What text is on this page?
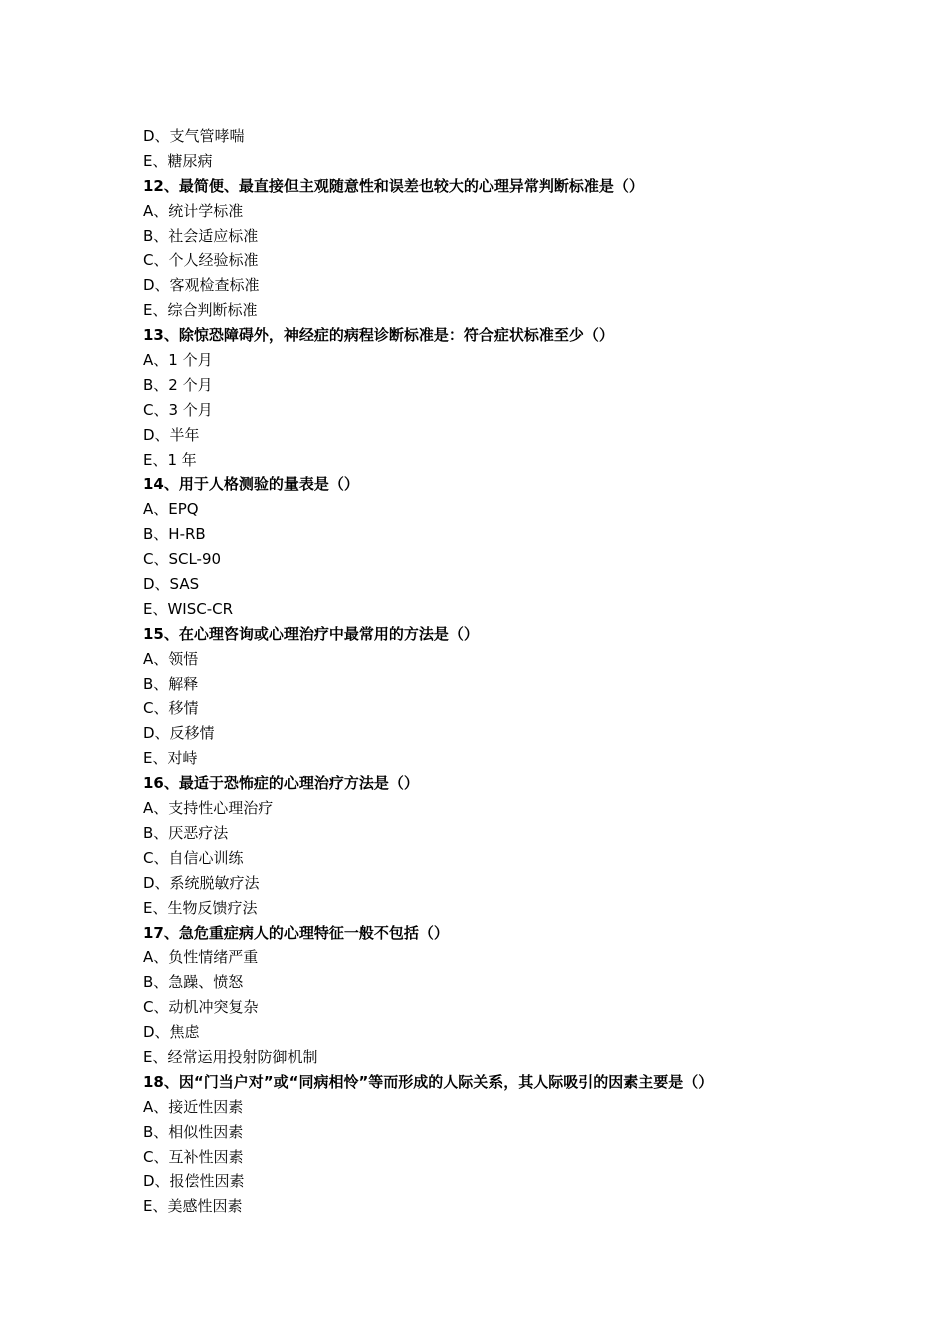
D、支气管哮喘
E、糖尿病
12、最简便、最直接但主观随意性和误差也较大的心理异常判断标准是（）
A、统计学标准
B、社会适应标准
C、个人经验标准
D、客观检查标准
E、综合判断标准
13、除惊恐障碍外，神经症的病程诊断标准是：符合症状标准至少（）
A、1 个月
B、2 个月
C、3 个月
D、半年
E、1 年
14、用于人格测验的量表是（）
A、EPQ
B、H-RB
C、SCL-90
D、SAS
E、WISC-CR
15、在心理咨询或心理治疗中最常用的方法是（）
A、领悟
B、解释
C、移情
D、反移情
E、对峙
16、最适于恐怖症的心理治疗方法是（）
A、支持性心理治疗
B、厌恶疗法
C、自信心训练
D、系统脱敏疗法
E、生物反馈疗法
17、急危重症病人的心理特征一般不包括（）
A、负性情绪严重
B、急躁、愤怒
C、动机冲突复杂
D、焦虑
E、经常运用投射防御机制
18、因“门当户对”或“同病相怜”等而形成的人际关系，其人际吸引的因素主要是（）
A、接近性因素
B、相似性因素
C、互补性因素
D、报偿性因素
E、美感性因素
